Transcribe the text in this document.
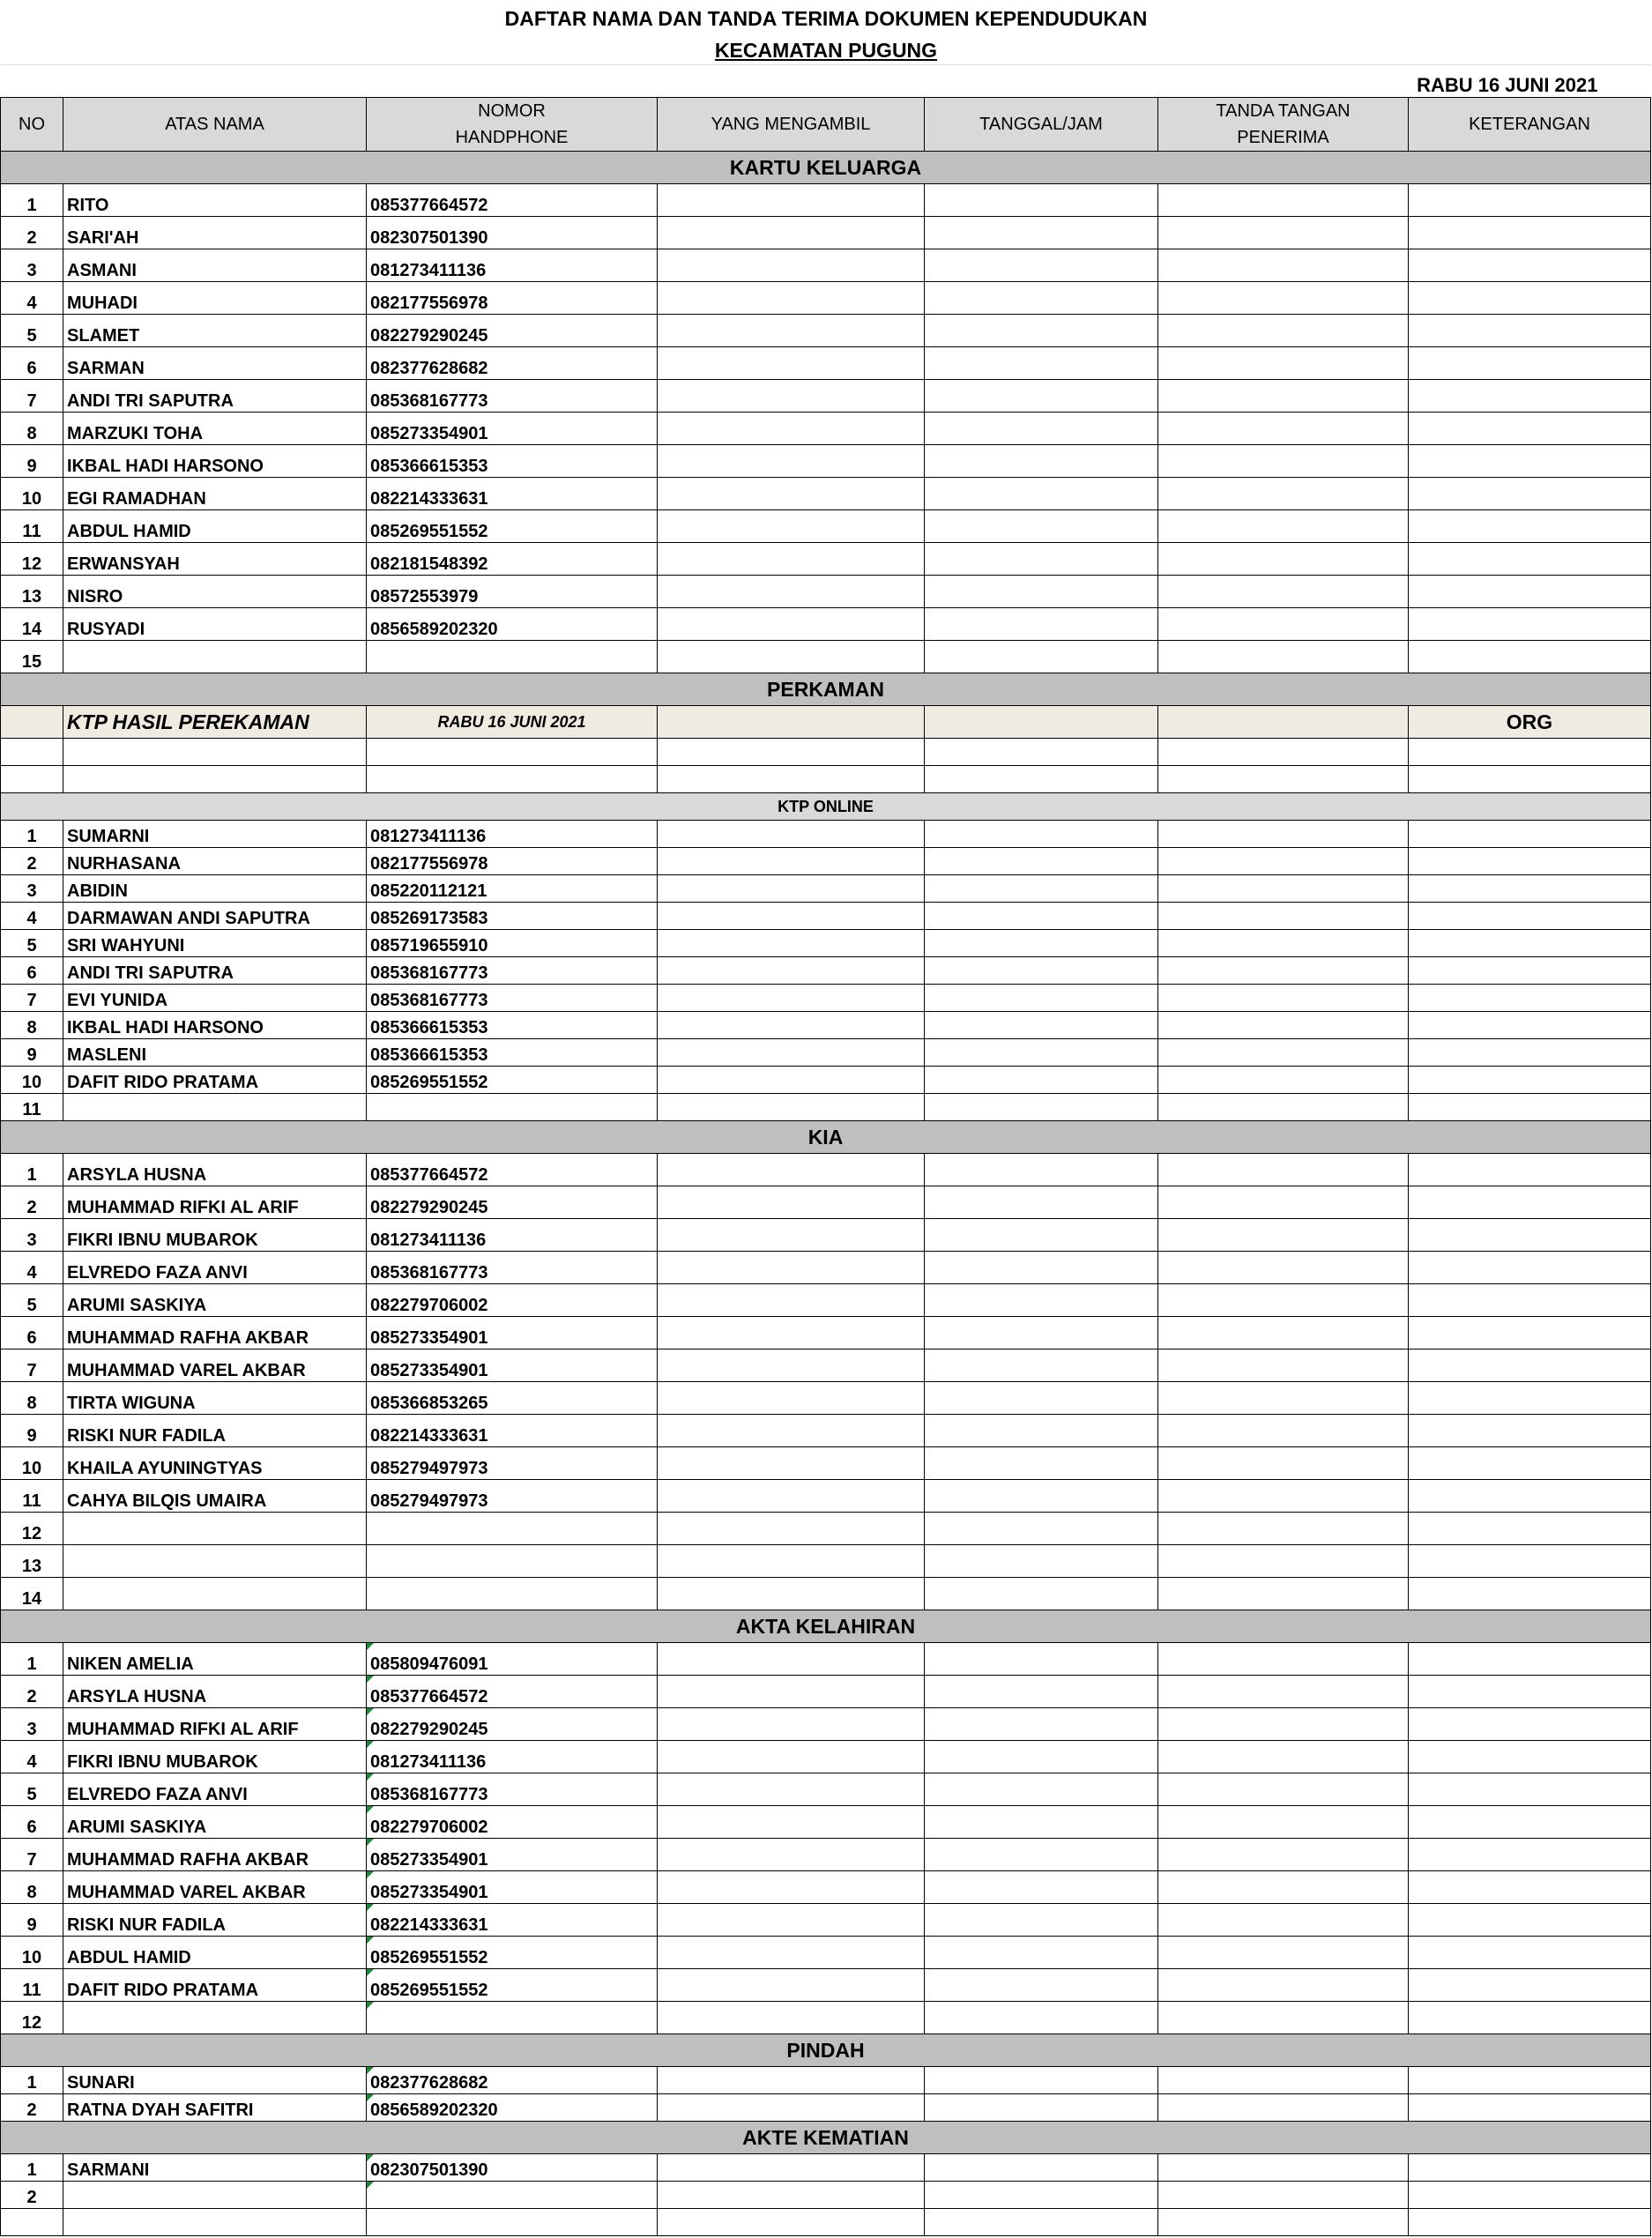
DAFTAR NAMA DAN TANDA TERIMA DOKUMEN KEPENDUDUKAN
KECAMATAN PUGUNG
					RABU 16 JUNI 2021	
NO	ATAS NAMA	NOMOR
HANDPHONE	YANG MENGAMBIL	TANGGAL/JAM	TANDA TANGAN
PENERIMA	KETERANGAN
KARTU KELUARGA						
1	RITO	085377664572				
2	SARI'AH	082307501390				
3	ASMANI	081273411136				
4	MUHADI	082177556978				
5	SLAMET	082279290245				
6	SARMAN	082377628682				
7	ANDI TRI SAPUTRA	085368167773				
8	MARZUKI TOHA	085273354901				
9	IKBAL HADI HARSONO	085366615353				
10	EGI RAMADHAN	082214333631				
11	ABDUL HAMID	085269551552				
12	ERWANSYAH	082181548392				
13	NISRO	08572553979				
14	RUSYADI	0856589202320				
15						
PERKAMAN						
	KTP HASIL PEREKAMAN	RABU 16 JUNI 2021				ORG

KTP ONLINE						
1	SUMARNI	081273411136				
2	NURHASANA	082177556978				
3	ABIDIN	085220112121				
4	DARMAWAN ANDI SAPUTRA	085269173583				
5	SRI WAHYUNI	085719655910				
6	ANDI TRI SAPUTRA	085368167773				
7	EVI YUNIDA	085368167773				
8	IKBAL HADI HARSONO	085366615353				
9	MASLENI	085366615353				
10	DAFIT RIDO PRATAMA	085269551552				
11						
KIA						
1	ARSYLA HUSNA	085377664572				
2	MUHAMMAD RIFKI AL ARIF	082279290245				
3	FIKRI IBNU MUBAROK	081273411136				
4	ELVREDO FAZA ANVI	085368167773				
5	ARUMI SASKIYA	082279706002				
6	MUHAMMAD RAFHA AKBAR	085273354901				
7	MUHAMMAD VAREL AKBAR	085273354901				
8	TIRTA WIGUNA	085366853265				
9	RISKI NUR FADILA	082214333631				
10	KHAILA AYUNINGTYAS	085279497973				
11	CAHYA BILQIS UMAIRA	085279497973				
12						
13						
14						
AKTA KELAHIRAN						
1	NIKEN AMELIA	085809476091				
2	ARSYLA HUSNA	085377664572				
3	MUHAMMAD RIFKI AL ARIF	082279290245				
4	FIKRI IBNU MUBAROK	081273411136				
5	ELVREDO FAZA ANVI	085368167773				
6	ARUMI SASKIYA	082279706002				
7	MUHAMMAD RAFHA AKBAR	085273354901				
8	MUHAMMAD VAREL AKBAR	085273354901				
9	RISKI NUR FADILA	082214333631				
10	ABDUL HAMID	085269551552				
11	DAFIT RIDO PRATAMA	085269551552				
12						
PINDAH						
1	SUNARI	082377628682				
2	RATNA DYAH SAFITRI	0856589202320				
AKTE KEMATIAN						
1	SARMANI	082307501390				
2						
